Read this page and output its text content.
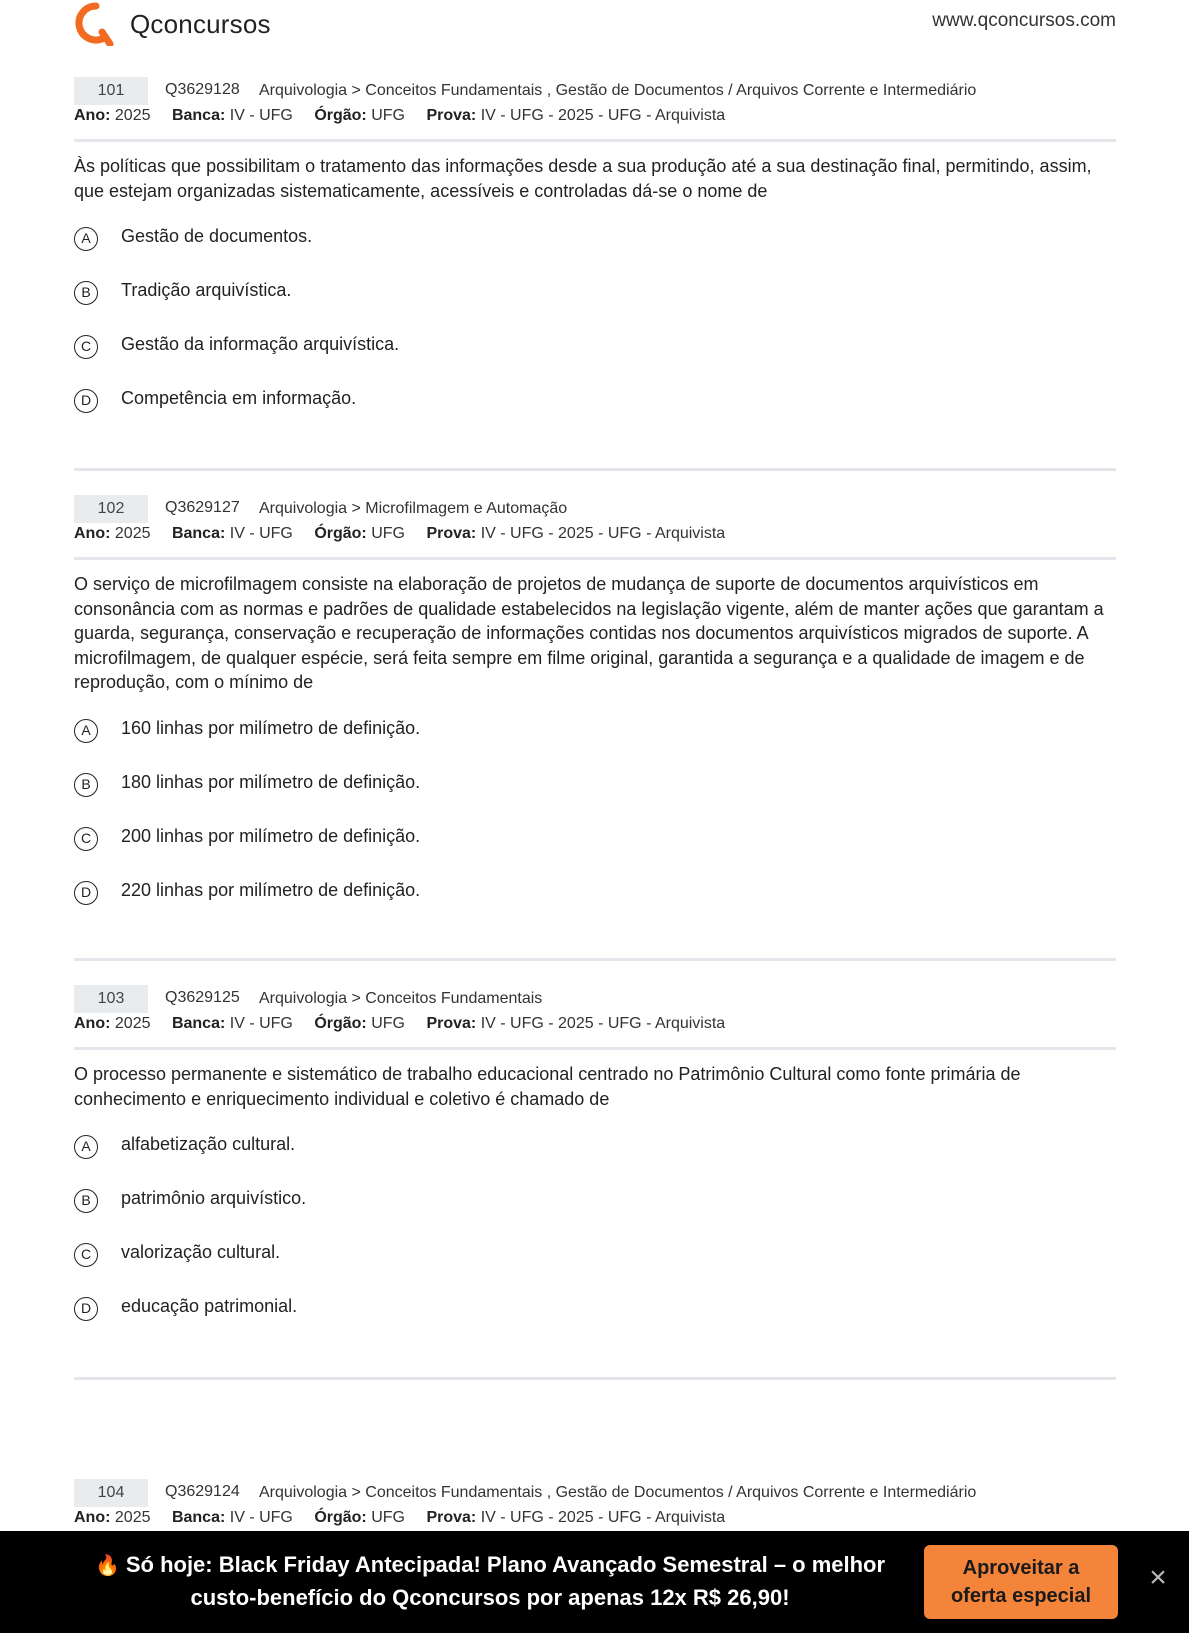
Qconcursos	www.qconcursos.com
101	Q3629128 Arquivologia > Conceitos Fundamentais , Gestão de Documentos / Arquivos Corrente e Intermediário
Ano: 2025 Banca: IV - UFG Órgão: UFG Prova: IV - UFG - 2025 - UFG - Arquivista
Às políticas que possibilitam o tratamento das informações desde a sua produção até a sua destinação final, permitindo, assim, que estejam organizadas sistematicamente, acessíveis e controladas dá-se o nome de
A	Gestão de documentos.
B	Tradição arquivística.
C	Gestão da informação arquivística.
D	Competência em informação.
102	Q3629127 Arquivologia > Microfilmagem e Automação
Ano: 2025 Banca: IV - UFG Órgão: UFG Prova: IV - UFG - 2025 - UFG - Arquivista
O serviço de microfilmagem consiste na elaboração de projetos de mudança de suporte de documentos arquivísticos em consonância com as normas e padrões de qualidade estabelecidos na legislação vigente, além de manter ações que garantam a guarda, segurança, conservação e recuperação de informações contidas nos documentos arquivísticos migrados de suporte. A microfilmagem, de qualquer espécie, será feita sempre em filme original, garantida a segurança e a qualidade de imagem e de reprodução, com o mínimo de
A	160 linhas por milímetro de definição.
B	180 linhas por milímetro de definição.
C	200 linhas por milímetro de definição.
D	220 linhas por milímetro de definição.
103	Q3629125 Arquivologia > Conceitos Fundamentais
Ano: 2025 Banca: IV - UFG Órgão: UFG Prova: IV - UFG - 2025 - UFG - Arquivista
O processo permanente e sistemático de trabalho educacional centrado no Patrimônio Cultural como fonte primária de conhecimento e enriquecimento individual e coletivo é chamado de
A	alfabetização cultural.
B	patrimônio arquivístico.
C	valorização cultural.
D	educação patrimonial.
104	Q3629124 Arquivologia > Conceitos Fundamentais , Gestão de Documentos / Arquivos Corrente e Intermediário
Ano: 2025 Banca: IV - UFG Órgão: UFG Prova: IV - UFG - 2025 - UFG - Arquivista
🔥 Só hoje: Black Friday Antecipada! Plano Avançado Semestral – o melhor
custo-benefício do Qconcursos por apenas 12x R$ 26,90!
Aproveitar a
oferta especial
×
